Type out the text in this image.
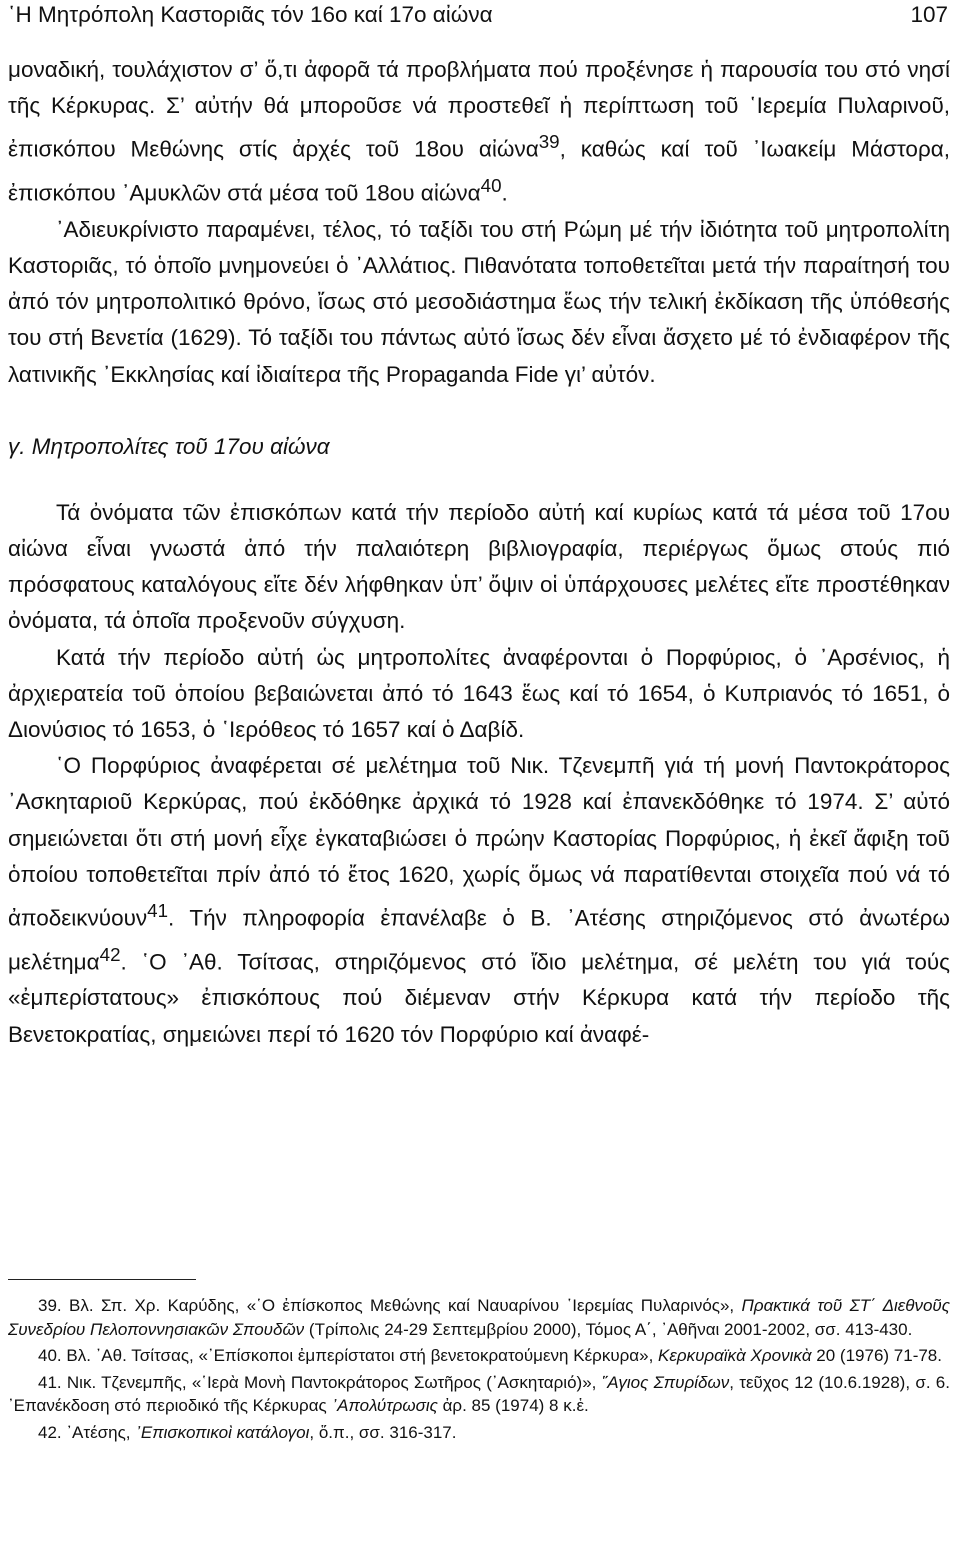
῾Η Μητρόπολη Καστοριᾶς τόν 16ο καί 17ο αἰώνα	107

μοναδική, τουλάχιστον σ’ ὅ,τι ἀφορᾶ τά προβλήματα πού προξένησε ἡ παρουσία του στό νησί τῆς Κέρκυρας. Σ’ αὐτήν θά μποροῦσε νά προστεθεῖ ἡ περίπτωση τοῦ ῾Ιερεμία Πυλαρινοῦ, ἐπισκόπου Μεθώνης στίς ἀρχές τοῦ 18ου αἰώνα$^{39}$, καθώς καί τοῦ ᾿Ιωακείμ Μάστορα, ἐπισκόπου ᾿Αμυκλῶν στά μέσα τοῦ 18ου αἰώνα$^{40}$.

᾿Αδιευκρίνιστο παραμένει, τέλος, τό ταξίδι του στή Ρώμη μέ τήν ἰδιότητα τοῦ μητροπολίτη Καστοριᾶς, τό ὁποῖο μνημονεύει ὁ ᾿Αλλάτιος. Πιθανότατα τοποθετεῖται μετά τήν παραίτησή του ἀπό τόν μητροπολιτικό θρόνο, ἴσως στό μεσοδιάστημα ἕως τήν τελική ἐκδίκαση τῆς ὑπόθεσής του στή Βενετία (1629). Τό ταξίδι του πάντως αὐτό ἴσως δέν εἶναι ἄσχετο μέ τό ἐνδιαφέρον τῆς λατινικῆς ᾿Εκκλησίας καί ἰδιαίτερα τῆς Propaganda Fide γι’ αὐτόν.

γ. Μητροπολίτες τοῦ 17ου αἰώνα

Τά ὀνόματα τῶν ἐπισκόπων κατά τήν περίοδο αὐτή καί κυρίως κατά τά μέσα τοῦ 17ου αἰώνα εἶναι γνωστά ἀπό τήν παλαιότερη βιβλιογραφία, περιέργως ὅμως στούς πιό πρόσφατους καταλόγους εἴτε δέν λήφθηκαν ὑπ’ ὄψιν οἱ ὑπάρχουσες μελέτες εἴτε προστέθηκαν ὀνόματα, τά ὁποῖα προξενοῦν σύγχυση.

Κατά τήν περίοδο αὐτή ὡς μητροπολίτες ἀναφέρονται ὁ Πορφύριος, ὁ ᾿Αρσένιος, ἡ ἀρχιερατεία τοῦ ὁποίου βεβαιώνεται ἀπό τό 1643 ἕως καί τό 1654, ὁ Κυπριανός τό 1651, ὁ Διονύσιος τό 1653, ὁ ῾Ιερόθεος τό 1657 καί ὁ Δαβίδ.

῾Ο Πορφύριος ἀναφέρεται σέ μελέτημα τοῦ Νικ. Τζενεμπῆ γιά τή μονή Παντοκράτορος ᾿Ασκηταριοῦ Κερκύρας, πού ἐκδόθηκε ἀρχικά τό 1928 καί ἐπανεκδόθηκε τό 1974. Σ’ αὐτό σημειώνεται ὅτι στή μονή εἶχε ἐγκαταβιώσει ὁ πρώην Καστορίας Πορφύριος, ἡ ἐκεῖ ἄφιξη τοῦ ὁποίου τοποθετεῖται πρίν ἀπό τό ἔτος 1620, χωρίς ὅμως νά παρατίθενται στοιχεῖα πού νά τό ἀποδεικνύουν$^{41}$. Τήν πληροφορία ἐπανέλαβε ὁ Β. ᾿Ατέσης στηριζόμενος στό ἀνωτέρω μελέτημα$^{42}$. ῾Ο ᾿Αθ. Τσίτσας, στηριζόμενος στό ἴδιο μελέτημα, σέ μελέτη του γιά τούς «ἐμπερίστατους» ἐπισκόπους πού διέμεναν στήν Κέρκυρα κατά τήν περίοδο τῆς Βενετοκρατίας, σημειώνει περί τό 1620 τόν Πορφύριο καί ἀναφέ-

39. Βλ. Σπ. Χρ. Καρύδης, «῾Ο ἐπίσκοπος Μεθώνης καί Ναυαρίνου ῾Ιερεμίας Πυλαρινός», Πρακτικά τοῦ ΣΤ΄ Διεθνοῦς Συνεδρίου Πελοποννησιακῶν Σπουδῶν (Τρίπολις 24-29 Σεπτεμβρίου 2000), Τόμος Α΄, ᾿Αθῆναι 2001-2002, σσ. 413-430.

40. Βλ. ᾿Αθ. Τσίτσας, «᾿Επίσκοποι ἐμπερίστατοι στή βενετοκρατούμενη Κέρκυρα», Κερκυραϊκὰ Χρονικὰ 20 (1976) 71-78.

41. Νικ. Τζενεμπῆς, «῾Ιερὰ Μονὴ Παντοκράτορος Σωτῆρος (᾿Ασκηταριό)», ῞Αγιος Σπυρίδων, τεῦχος 12 (10.6.1928), σ. 6. ᾿Επανέκδοση στό περιοδικό τῆς Κέρκυρας ᾿Απολύτρωσις ἀρ. 85 (1974) 8 κ.ἑ.

42. ᾿Ατέσης, ᾿Επισκοπικοὶ κατάλογοι, ὅ.π., σσ. 316-317.
